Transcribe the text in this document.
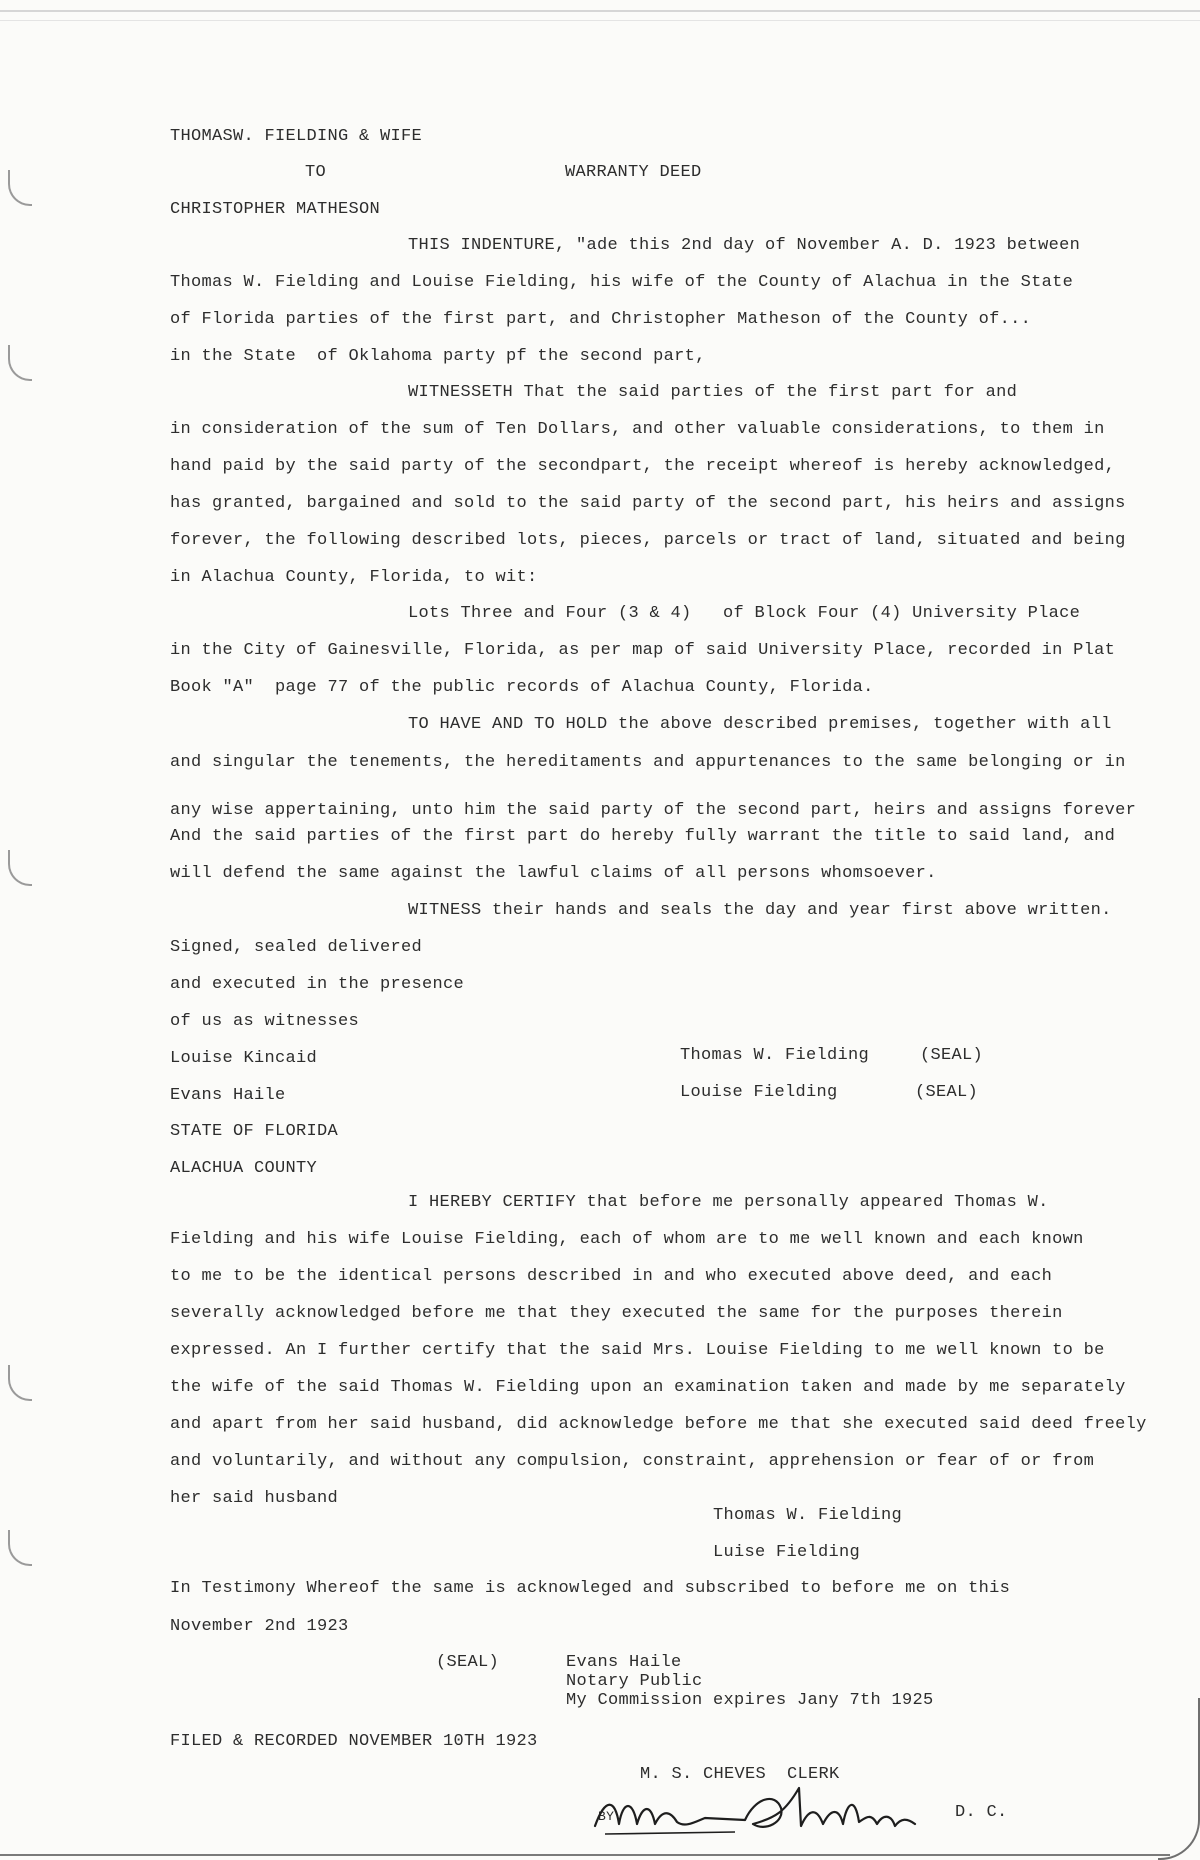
THOMASW. FIELDING & WIFE
TO	WARRANTY DEED
CHRISTOPHER MATHESON
THIS INDENTURE, "ade this 2nd day of November A. D. 1923 between
Thomas W. Fielding and Louise Fielding, his wife of the County of Alachua in the State
of Florida parties of the first part, and Christopher Matheson of the County of...
in the State  of Oklahoma party pf the second part,
WITNESSETH That the said parties of the first part for and
in consideration of the sum of Ten Dollars, and other valuable considerations, to them in
hand paid by the said party of the secondpart, the receipt whereof is hereby acknowledged,
has granted, bargained and sold to the said party of the second part, his heirs and assigns
forever, the following described lots, pieces, parcels or tract of land, situated and being
in Alachua County, Florida, to wit:
Lots Three and Four (3 & 4)   of Block Four (4) University Place
in the City of Gainesville, Florida, as per map of said University Place, recorded in Plat
Book "A"  page 77 of the public records of Alachua County, Florida.
TO HAVE AND TO HOLD the above described premises, together with all
and singular the tenements, the hereditaments and appurtenances to the same belonging or in
any wise appertaining, unto him the said party of the second part, heirs and assigns forever
And the said parties of the first part do hereby fully warrant the title to said land, and
will defend the same against the lawful claims of all persons whomsoever.
WITNESS their hands and seals the day and year first above written.
Signed, sealed delivered
and executed in the presence
of us as witnesses
Louise Kincaid
Evans Haile
STATE OF FLORIDA
ALACHUA COUNTY
Thomas W. Fielding	(SEAL)
Louise Fielding	(SEAL)
I HEREBY CERTIFY that before me personally appeared Thomas W.
Fielding and his wife Louise Fielding, each of whom are to me well known and each known
to me to be the identical persons described in and who executed above deed, and each
severally acknowledged before me that they executed the same for the purposes therein
expressed. An I further certify that the said Mrs. Louise Fielding to me well known to be
the wife of the said Thomas W. Fielding upon an examination taken and made by me separately
and apart from her said husband, did acknowledge before me that she executed said deed freely
and voluntarily, and without any compulsion, constraint, apprehension or fear of or from
her said husband
Thomas W. Fielding
Luise Fielding
In Testimony Whereof the same is acknowleged and subscribed to before me on this
November 2nd 1923
(SEAL)	Evans Haile
Notary Public
My Commission expires Jany 7th 1925
FILED & RECORDED NOVEMBER 10TH 1923
M. S. CHEVES  CLERK
BY	D. C.
